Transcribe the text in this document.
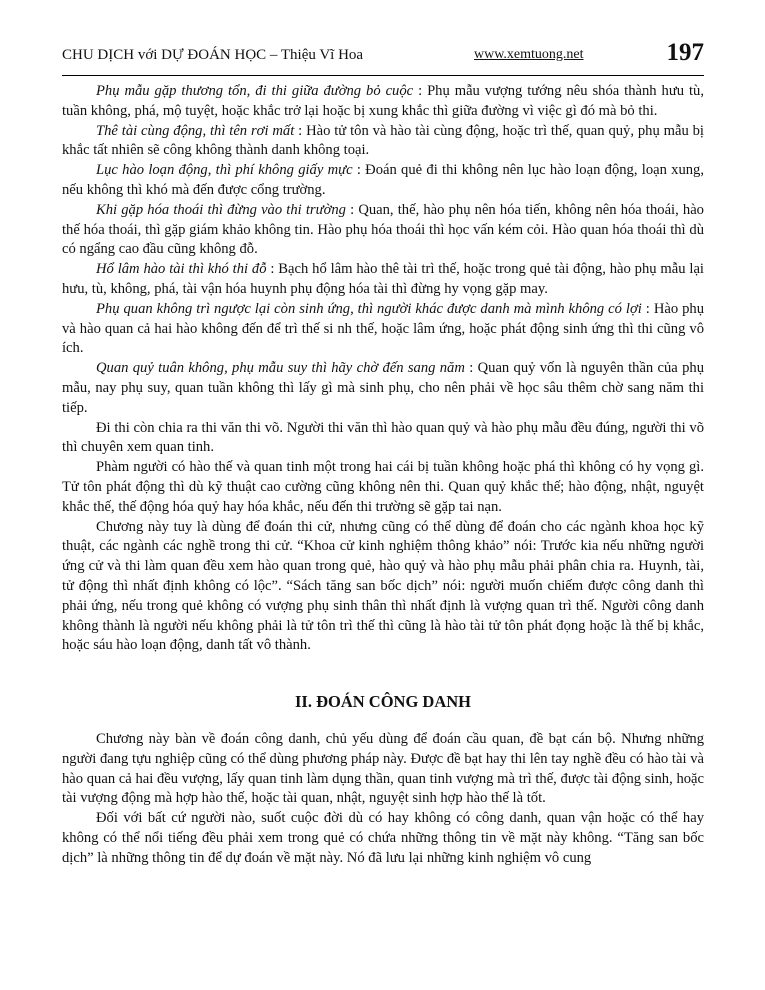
CHU DỊCH với DỰ ĐOÁN HỌC – Thiệu Vĩ Hoa	www.xemtuong.net	197

Phụ mẫu gặp thương tổn, đi thi giữa đường bỏ cuộc : Phụ mẫu vượng tướng nêu shóa thành hưu tù, tuần không, phá, mộ tuyệt, hoặc khắc trở lại hoặc bị xung khắc thì giữa đường vì việc gì đó mà bỏ thi.

Thê tài cùng động, thì tên rơi mất : Hào tử tôn và hào tài cùng động, hoặc trì thế, quan quỷ, phụ mẫu bị khắc tất nhiên sẽ công không thành danh không toại.

Lục hào loạn động, thì phí không giấy mực : Đoán quẻ đi thi không nên lục hào loạn động, loạn xung, nếu không thì khó mà đến được cổng trường.

Khi gặp hóa thoái thì đừng vào thi trường : Quan, thế, hào phụ nên hóa tiến, không nên hóa thoái, hào thế hóa thoái, thì gặp giám khảo không tin. Hào phụ hóa thoái thì học vấn kém cỏi. Hào quan hóa thoái thì dù có ngẩng cao đầu cũng không đỗ.

Hổ lâm hào tài thì khó thi đỗ : Bạch hổ lâm hào thê tài trì thế, hoặc trong quẻ tài động, hào phụ mẫu lại hưu, tù, không, phá, tài vận hóa huynh phụ động hóa tài thì đừng hy vọng gặp may.

Phụ quan không trì ngược lại còn sinh ứng, thì người khác được danh mà mình không có lợi : Hào phụ và hào quan cả hai hào không đến để trì thế si nh thế, hoặc lâm ứng, hoặc phát động sinh ứng thì thi cũng vô ích.

Quan quỷ tuân không, phụ mẫu suy thì hãy chờ đến sang năm : Quan quỷ vốn là nguyên thần của phụ mẫu, nay phụ suy, quan tuần không thì lấy gì mà sinh phụ, cho nên phải về học sâu thêm chờ sang năm thi tiếp.

Đi thi còn chia ra thi văn thi võ. Người thi văn thì hào quan quỷ và hào phụ mẫu đều đúng, người thi võ thì chuyên xem quan tinh.

Phàm người có hào thế và quan tinh một trong hai cái bị tuần không hoặc phá thì không có hy vọng gì. Tử tôn phát động thì dù kỹ thuật cao cường cũng không nên thi. Quan quỷ khắc thế; hào động, nhật, nguyệt khắc thế, thế động hóa quỷ hay hóa khắc, nếu đến thi trường sẽ gặp tai nạn.

Chương này tuy là dùng để đoán thi cử, nhưng cũng có thể dùng để đoán cho các ngành khoa học kỹ thuật, các ngành các nghề trong thi cử. “Khoa cử kinh nghiệm thông khảo” nói: Trước kia nếu những người ứng cử và thi làm quan đều xem hào quan trong quẻ, hào quỷ và hào phụ mẫu phải phân chia ra. Huynh, tài, tử động thì nhất định không có lộc”. “Sách tăng san bốc dịch” nói: người muốn chiếm được công danh thì phải ứng, nếu trong quẻ không có vượng phụ sinh thân thì nhất định là vượng quan trì thế. Người công danh không thành là người nếu không phải là tử tôn trì thế thì cũng là hào tài tử tôn phát đọng hoặc là thế bị khắc, hoặc sáu hào loạn động, danh tất vô thành.

II. ĐOÁN CÔNG DANH

Chương này bàn về đoán công danh, chủ yếu dùng để đoán cầu quan, đề bạt cán bộ. Nhưng những người đang tựu nghiệp cũng có thể dùng phương pháp này. Được đề bạt hay thi lên tay nghề đều có hào tài và hào quan cả hai đều vượng, lấy quan tinh làm dụng thần, quan tinh vượng mà trì thế, được tài động sinh, hoặc tài vượng động mà hợp hào thế, hoặc tài quan, nhật, nguyệt sinh hợp hào thế là tốt.

Đối với bất cứ người nào, suốt cuộc đời dù có hay không có công danh, quan vận hoặc có thể hay không có thể nổi tiếng đều phải xem trong quẻ có chứa những thông tin về mặt này không. “Tăng san bốc dịch” là những thông tin để dự đoán về mặt này. Nó đã lưu lại những kinh nghiệm vô cung
